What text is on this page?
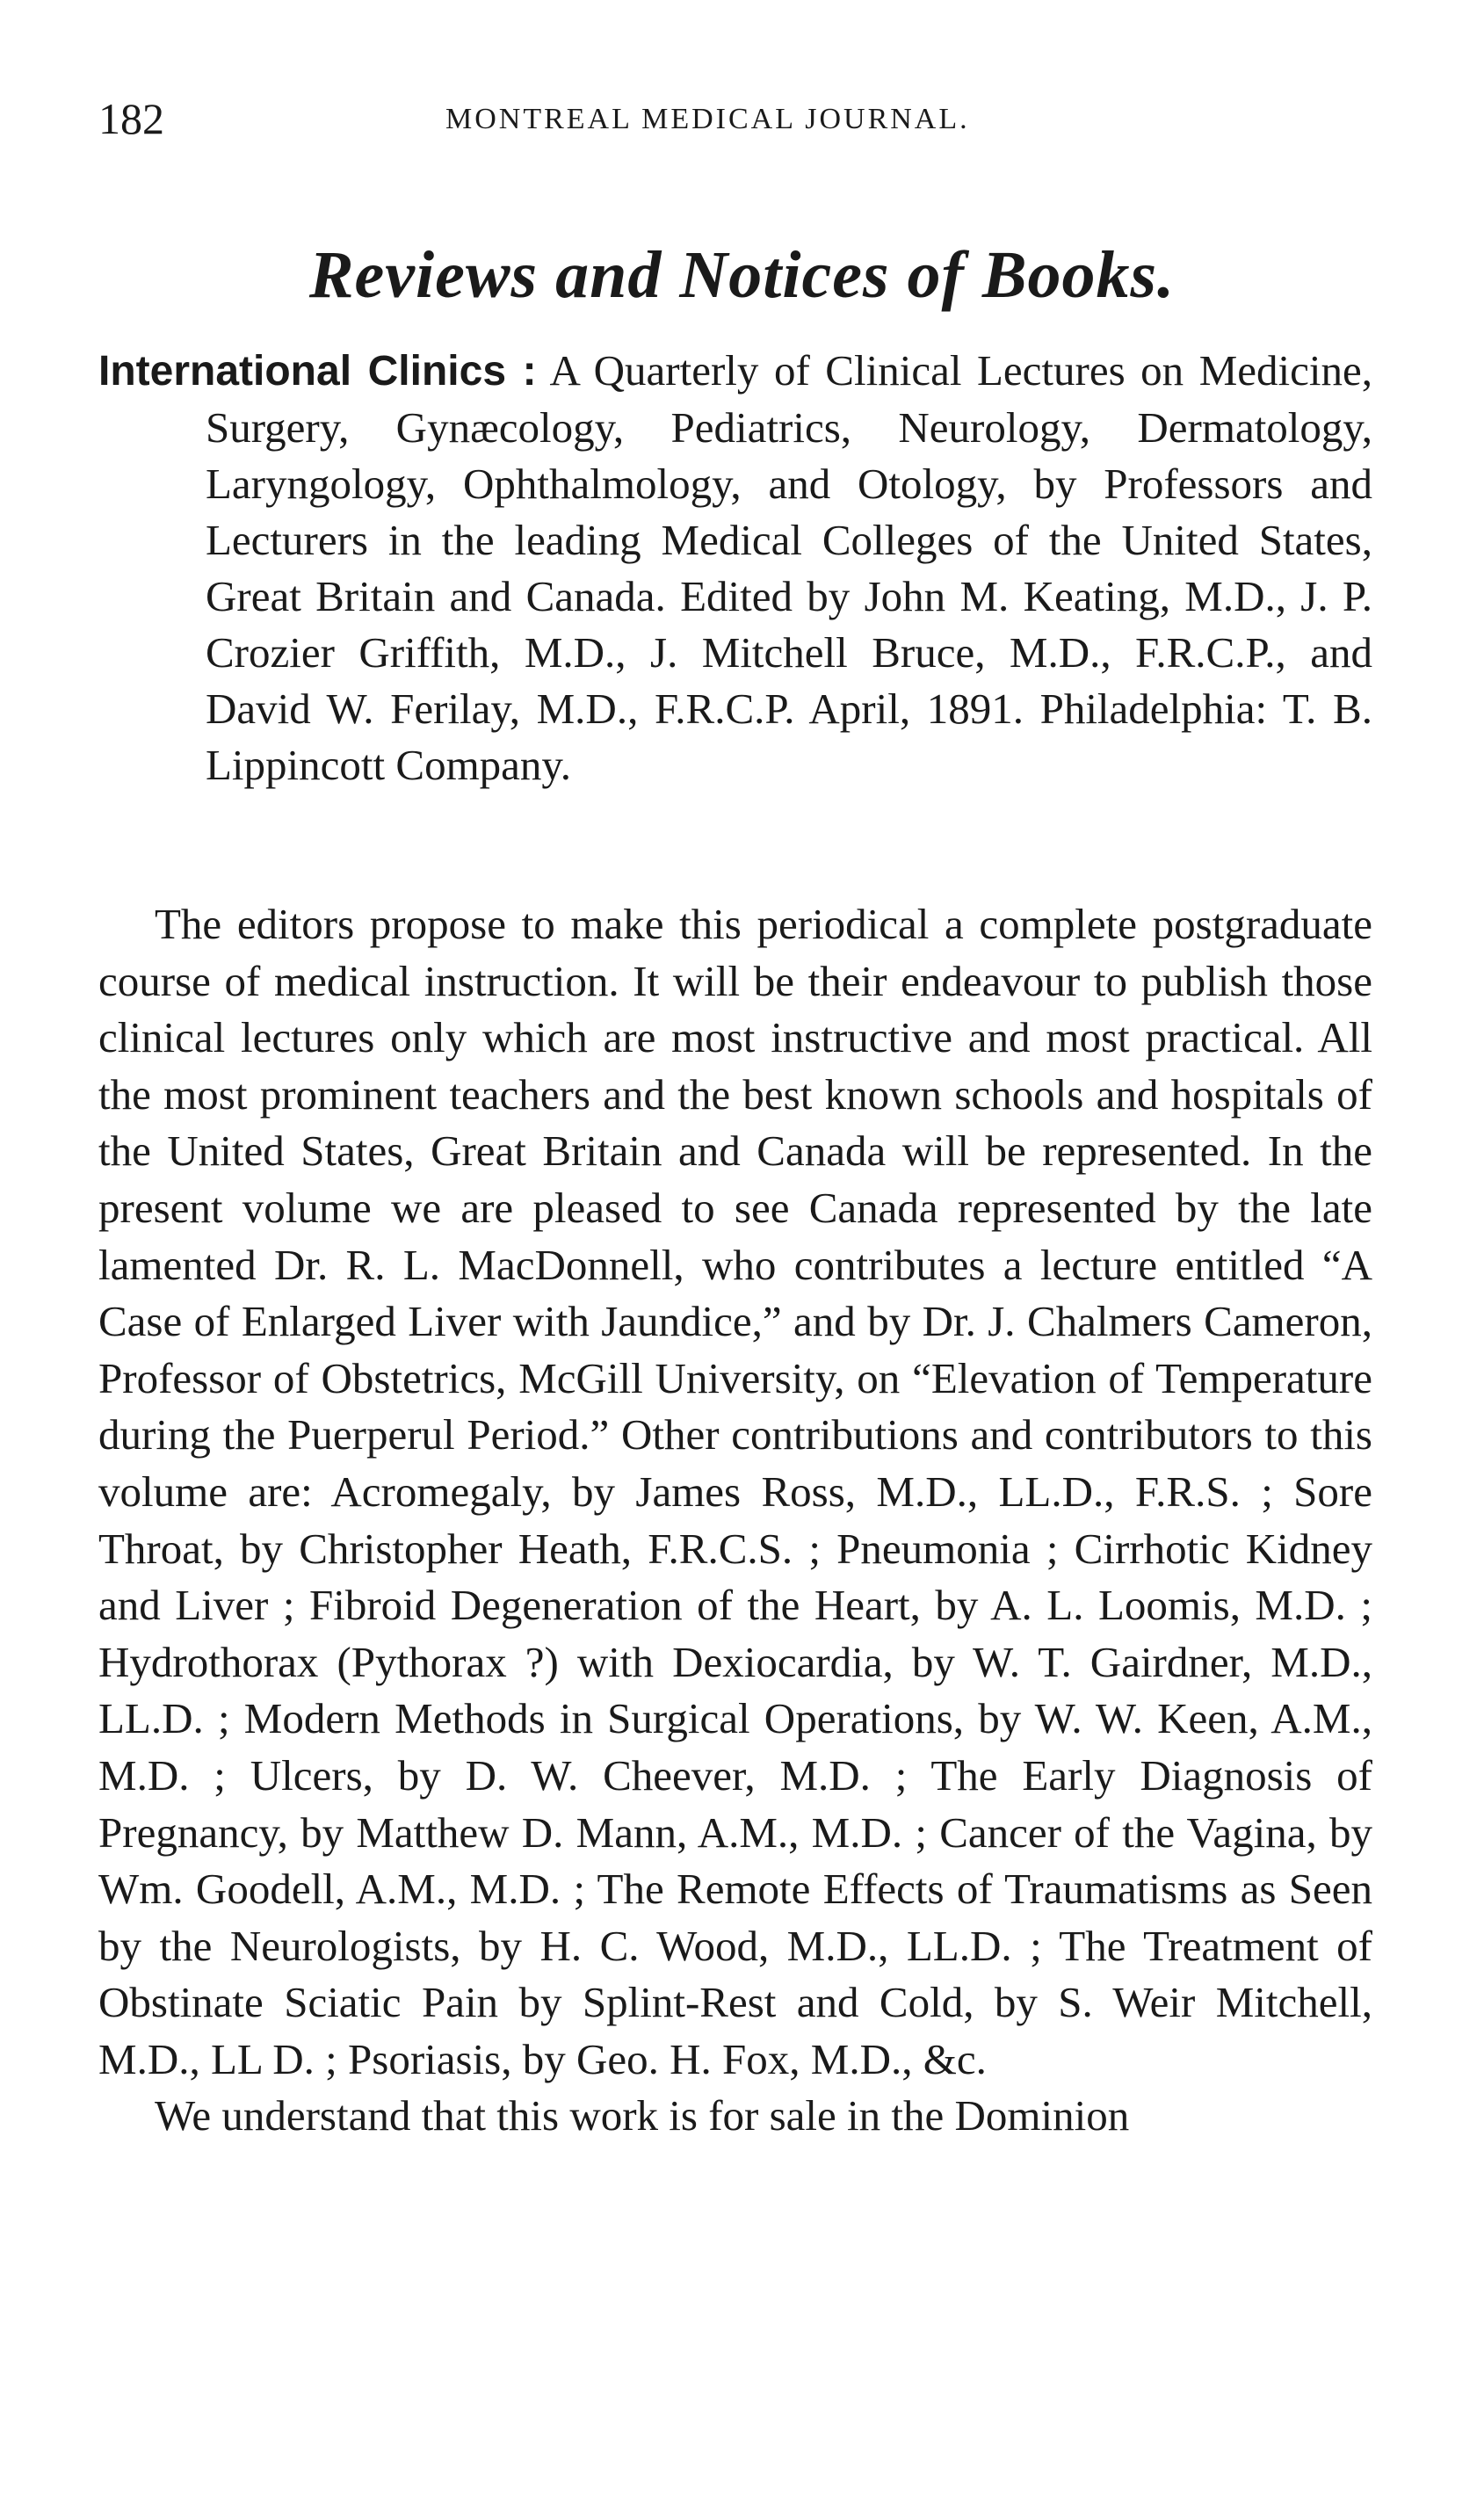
182	MONTREAL MEDICAL JOURNAL.
Reviews and Notices of Books.
International Clinics : A Quarterly of Clinical Lectures on Medicine, Surgery, Gynæcology, Pediatrics, Neurology, Dermatology, Laryngology, Ophthalmology, and Otology, by Professors and Lecturers in the leading Medical Colleges of the United States, Great Britain and Canada. Edited by John M. Keating, M.D., J. P. Crozier Griffith, M.D., J. Mitchell Bruce, M.D., F.R.C.P., and David W. Ferilay, M.D., F.R.C.P. April, 1891. Philadelphia: T. B. Lippincott Company.

The editors propose to make this periodical a complete postgraduate course of medical instruction. It will be their endeavour to publish those clinical lectures only which are most instructive and most practical. All the most prominent teachers and the best known schools and hospitals of the United States, Great Britain and Canada will be represented. In the present volume we are pleased to see Canada represented by the late lamented Dr. R. L. MacDonnell, who contributes a lecture entitled “A Case of Enlarged Liver with Jaundice,” and by Dr. J. Chalmers Cameron, Professor of Obstetrics, McGill University, on “Elevation of Temperature during the Puerperul Period.” Other contributions and contributors to this volume are: Acromegaly, by James Ross, M.D., LL.D., F.R.S. ; Sore Throat, by Christopher Heath, F.R.C.S. ; Pneumonia ; Cirrhotic Kidney and Liver ; Fibroid Degeneration of the Heart, by A. L. Loomis, M.D. ; Hydrothorax (Pythorax ?) with Dexiocardia, by W. T. Gairdner, M.D., LL.D. ; Modern Methods in Surgical Operations, by W. W. Keen, A.M., M.D. ; Ulcers, by D. W. Cheever, M.D. ; The Early Diagnosis of Pregnancy, by Matthew D. Mann, A.M., M.D. ; Cancer of the Vagina, by Wm. Goodell, A.M., M.D. ; The Remote Effects of Traumatisms as Seen by the Neurologists, by H. C. Wood, M.D., LL.D. ; The Treatment of Obstinate Sciatic Pain by Splint-Rest and Cold, by S. Weir Mitchell, M.D., LL D. ; Psoriasis, by Geo. H. Fox, M.D., &c.

We understand that this work is for sale in the Dominion
